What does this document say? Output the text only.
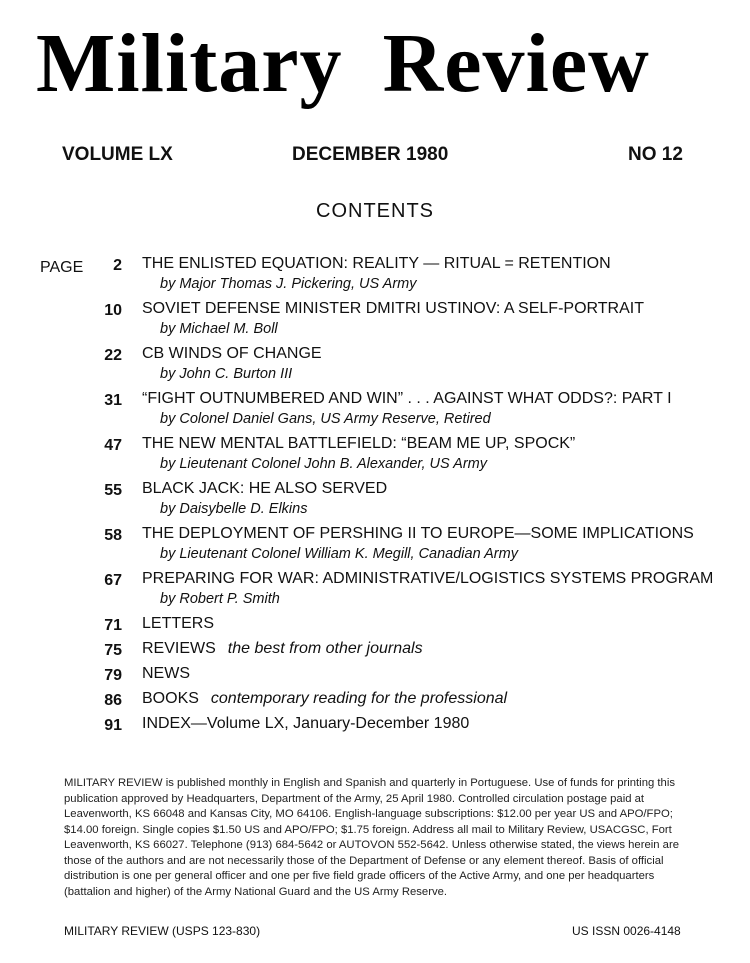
Military Review
VOLUME LX	DECEMBER 1980	NO 12
CONTENTS
PAGE	2 THE ENLISTED EQUATION: REALITY — RITUAL = RETENTION
by Major Thomas J. Pickering, US Army
10 SOVIET DEFENSE MINISTER DMITRI USTINOV: A SELF-PORTRAIT
by Michael M. Boll
22 CB WINDS OF CHANGE
by John C. Burton III
31 “FIGHT OUTNUMBERED AND WIN” . . . AGAINST WHAT ODDS?: PART I
by Colonel Daniel Gans, US Army Reserve, Retired
47 THE NEW MENTAL BATTLEFIELD: “BEAM ME UP, SPOCK”
by Lieutenant Colonel John B. Alexander, US Army
55 BLACK JACK: HE ALSO SERVED
by Daisybelle D. Elkins
58 THE DEPLOYMENT OF PERSHING II TO EUROPE—SOME IMPLICATIONS
by Lieutenant Colonel William K. Megill, Canadian Army
67 PREPARING FOR WAR: ADMINISTRATIVE/LOGISTICS SYSTEMS PROGRAM
by Robert P. Smith
71 LETTERS
75 REVIEWS the best from other journals
79 NEWS
86 BOOKS contemporary reading for the professional
91 INDEX—Volume LX, January-December 1980
MILITARY REVIEW is published monthly in English and Spanish and quarterly in Portuguese. Use of funds for printing this publication approved by Headquarters, Department of the Army, 25 April 1980. Controlled circulation postage paid at Leavenworth, KS 66048 and Kansas City, MO 64106. English-language subscriptions: $12.00 per year US and APO/FPO; $14.00 foreign. Single copies $1.50 US and APO/FPO; $1.75 foreign. Address all mail to Military Review, USACGSC, Fort Leavenworth, KS 66027. Telephone (913) 684-5642 or AUTOVON 552-5642. Unless otherwise stated, the views herein are those of the authors and are not necessarily those of the Department of Defense or any element thereof. Basis of official distribution is one per general officer and one per five field grade officers of the Active Army, and one per headquarters (battalion and higher) of the Army National Guard and the US Army Reserve.
MILITARY REVIEW (USPS 123-830)	US ISSN 0026-4148
